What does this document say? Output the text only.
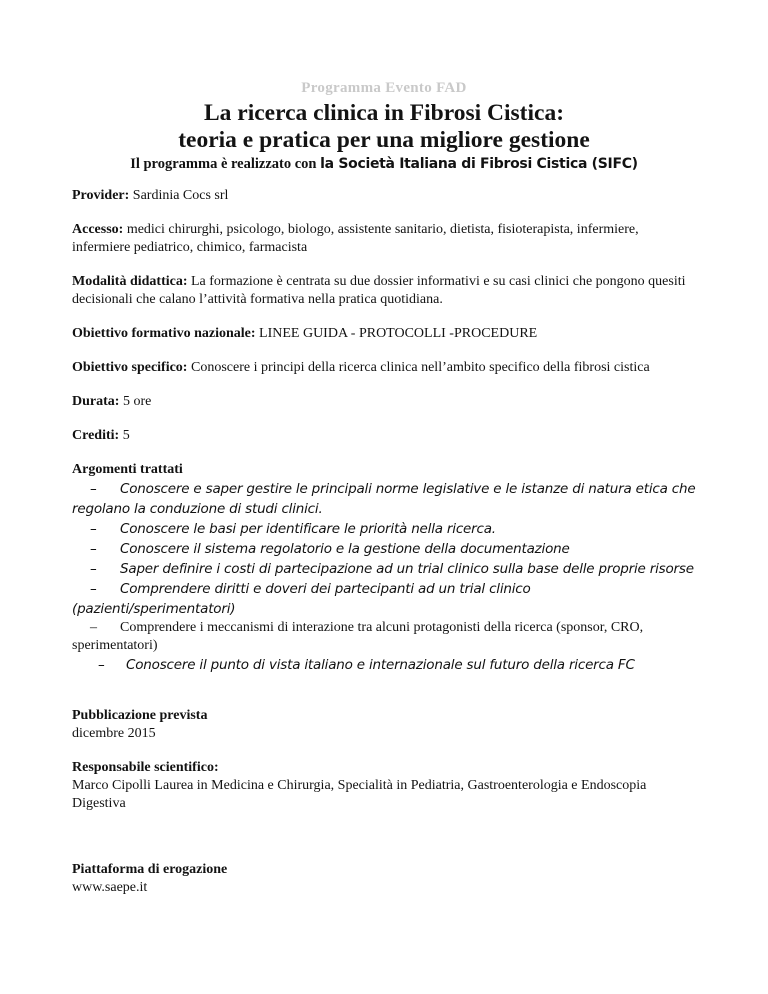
Programma Evento FAD
La ricerca clinica in Fibrosi Cistica:
teoria e pratica per una migliore gestione
Il programma è realizzato con la Società Italiana di Fibrosi Cistica (SIFC)

Provider: Sardinia Cocs srl

Accesso: medici chirurghi, psicologo, biologo, assistente sanitario, dietista, fisioterapista, infermiere, infermiere pediatrico, chimico, farmacista

Modalità didattica: La formazione è centrata su due dossier informativi e su casi clinici che pongono quesiti decisionali che calano l’attività formativa nella pratica quotidiana.

Obiettivo formativo nazionale: LINEE GUIDA - PROTOCOLLI -PROCEDURE

Obiettivo specifico: Conoscere i principi della ricerca clinica nell’ambito specifico della fibrosi cistica

Durata: 5 ore

Crediti: 5

Argomenti trattati

– Conoscere e saper gestire le principali norme legislative e le istanze di natura etica che regolano la conduzione di studi clinici.
– Conoscere le basi per identificare le priorità nella ricerca.
– Conoscere il sistema regolatorio e la gestione della documentazione
– Saper definire i costi di partecipazione ad un trial clinico sulla base delle proprie risorse
– Comprendere diritti e doveri dei partecipanti ad un trial clinico (pazienti/sperimentatori)
– Comprendere i meccanismi di interazione tra alcuni protagonisti della ricerca (sponsor, CRO, sperimentatori)
– Conoscere il punto di vista italiano e internazionale sul futuro della ricerca FC

Pubblicazione prevista

dicembre 2015

Responsabile scientifico:

Marco Cipolli Laurea in Medicina e Chirurgia, Specialità in Pediatria, Gastroenterologia e Endoscopia Digestiva

Piattaforma di erogazione

www.saepe.it
